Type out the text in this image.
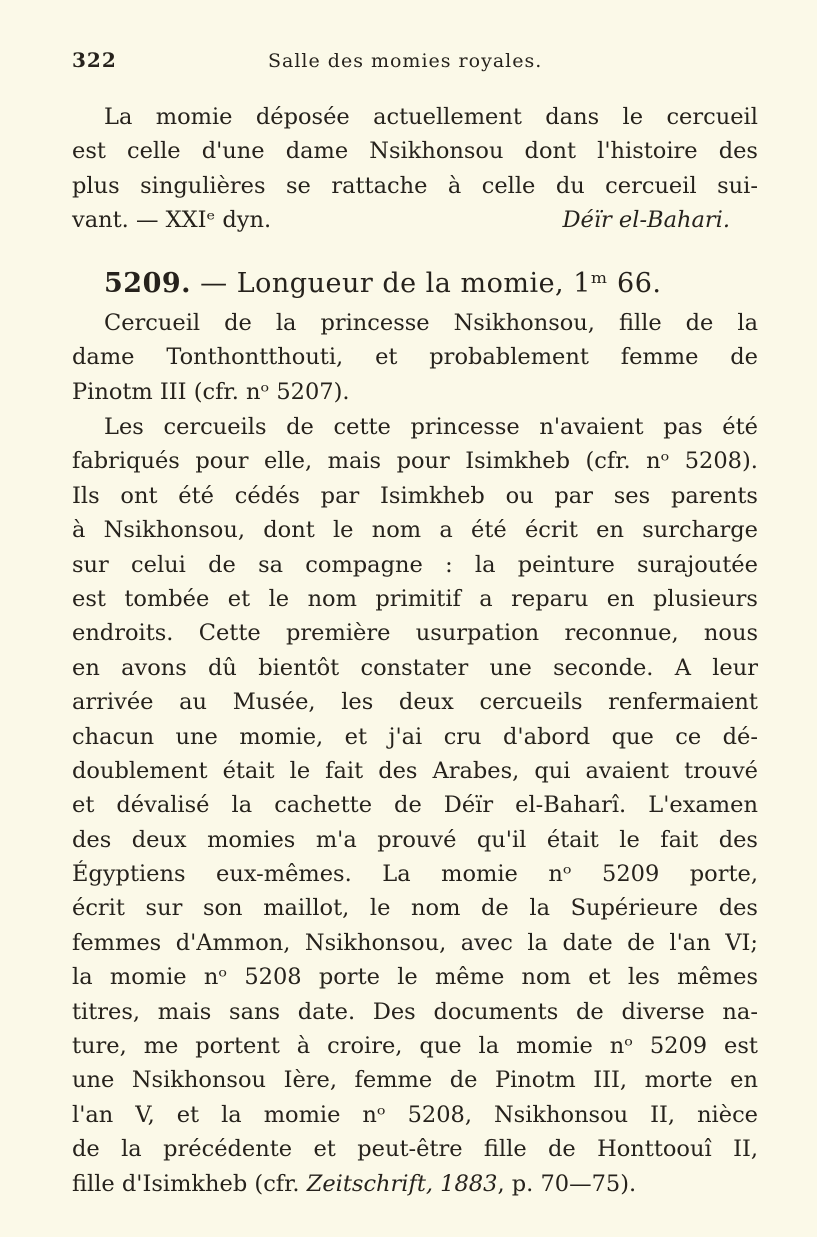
322	Salle des momies royales.
La momie déposée actuellement dans le cercueil
est celle d'une dame Nsikhonsou dont l'histoire des
plus singulières se rattache à celle du cercueil sui-
vant. — XXIᵉ dyn.	Déïr el-Bahari.
5209. — Longueur de la momie, 1ᵐ 66.
Cercueil de la princesse Nsikhonsou, fille de la
dame Tonthontthouti, et probablement femme de
Pinotm III (cfr. nᵒ 5207).
Les cercueils de cette princesse n'avaient pas été
fabriqués pour elle, mais pour Isimkheb (cfr. nᵒ 5208).
Ils ont été cédés par Isimkheb ou par ses parents
à Nsikhonsou, dont le nom a été écrit en surcharge
sur celui de sa compagne : la peinture surajoutée
est tombée et le nom primitif a reparu en plusieurs
endroits. Cette première usurpation reconnue, nous
en avons dû bientôt constater une seconde. A leur
arrivée au Musée, les deux cercueils renfermaient
chacun une momie, et j'ai cru d'abord que ce dé-
doublement était le fait des Arabes, qui avaient trouvé
et dévalisé la cachette de Déïr el-Baharî. L'examen
des deux momies m'a prouvé qu'il était le fait des
Égyptiens eux-mêmes. La momie nᵒ 5209 porte,
écrit sur son maillot, le nom de la Supérieure des
femmes d'Ammon, Nsikhonsou, avec la date de l'an VI;
la momie nᵒ 5208 porte le même nom et les mêmes
titres, mais sans date. Des documents de diverse na-
ture, me portent à croire, que la momie nᵒ 5209 est
une Nsikhonsou Ière, femme de Pinotm III, morte en
l'an V, et la momie nᵒ 5208, Nsikhonsou II, nièce
de la précédente et peut-être fille de Honttoouî II,
fille d'Isimkheb (cfr. Zeitschrift, 1883 , p. 70—75).
